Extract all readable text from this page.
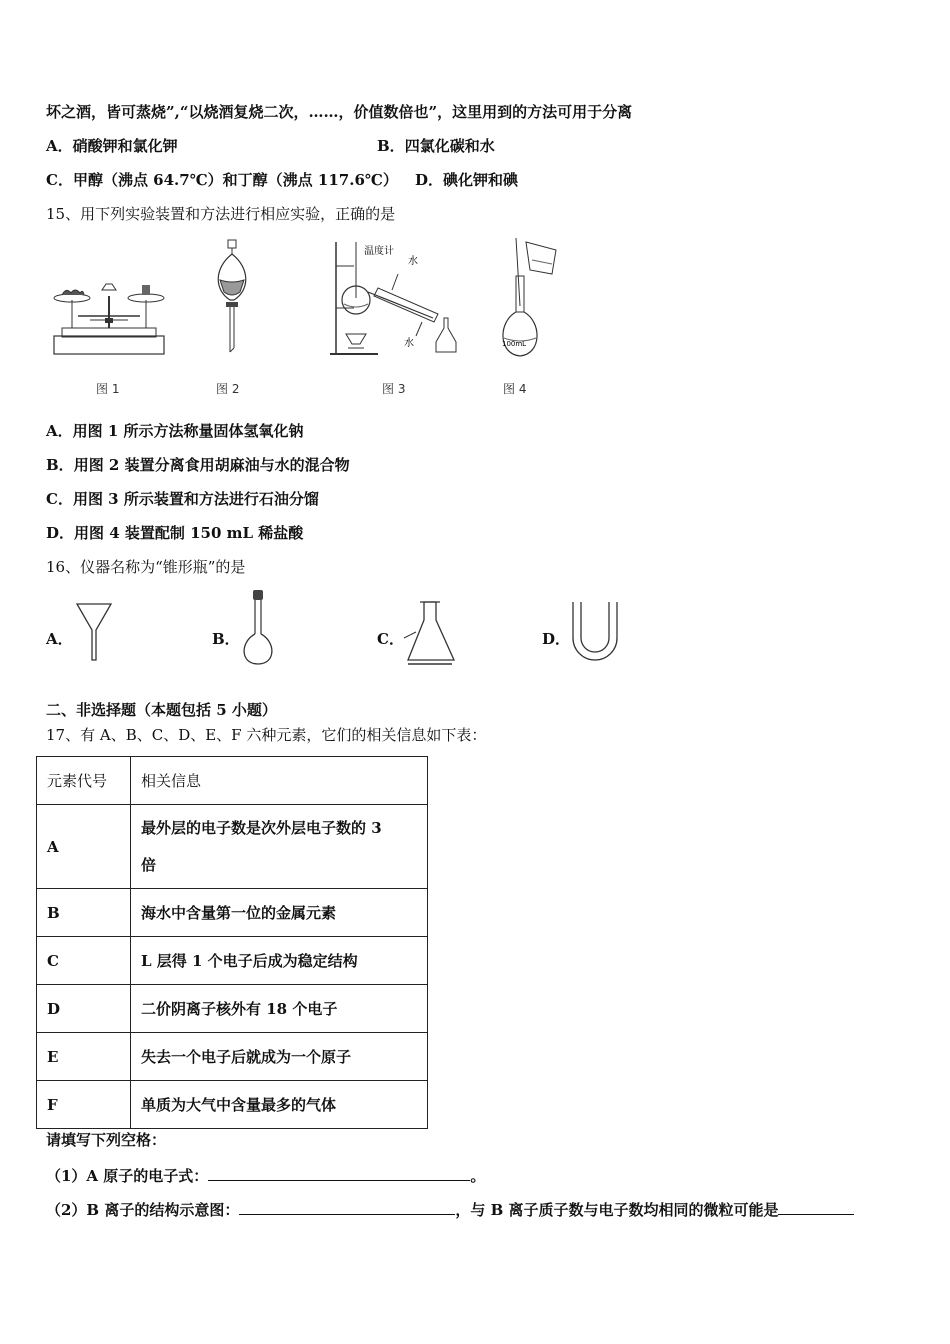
坏之酒，皆可蒸烧”,“以烧酒复烧二次，……，价值数倍也”，这里用到的方法可用于分离
A．硝酸钾和氯化钾	B．四氯化碳和水
C．甲醇（沸点 64.7℃）和丁醇（沸点 117.6℃） D．碘化钾和碘
15、用下列实验装置和方法进行相应实验，正确的是
图 1	图 2
温度计
水
水
图 3
100mL
图 4
A．用图 1 所示方法称量固体氢氧化钠
B．用图 2 装置分离食用胡麻油与水的混合物
C．用图 3 所示装置和方法进行石油分馏
D．用图 4 装置配制 150 mL 稀盐酸
16、仪器名称为“锥形瓶”的是
A．	B．	C．	D．
二、非选择题（本题包括 5 小题）
17、有 A、B、C、D、E、F 六种元素，它们的相关信息如下表：
元素代号	相关信息
A	最外层的电子数是次外层电子数的 3
倍
B	海水中含量第一位的金属元素
C	L 层得 1 个电子后成为稳定结构
D	二价阴离子核外有 18 个电子
E	失去一个电子后就成为一个原子
F	单质为大气中含量最多的气体
请填写下列空格：
（1）A 原子的电子式：	。
（2）B 离子的结构示意图：	，与 B 离子质子数与电子数均相同的微粒可能是
